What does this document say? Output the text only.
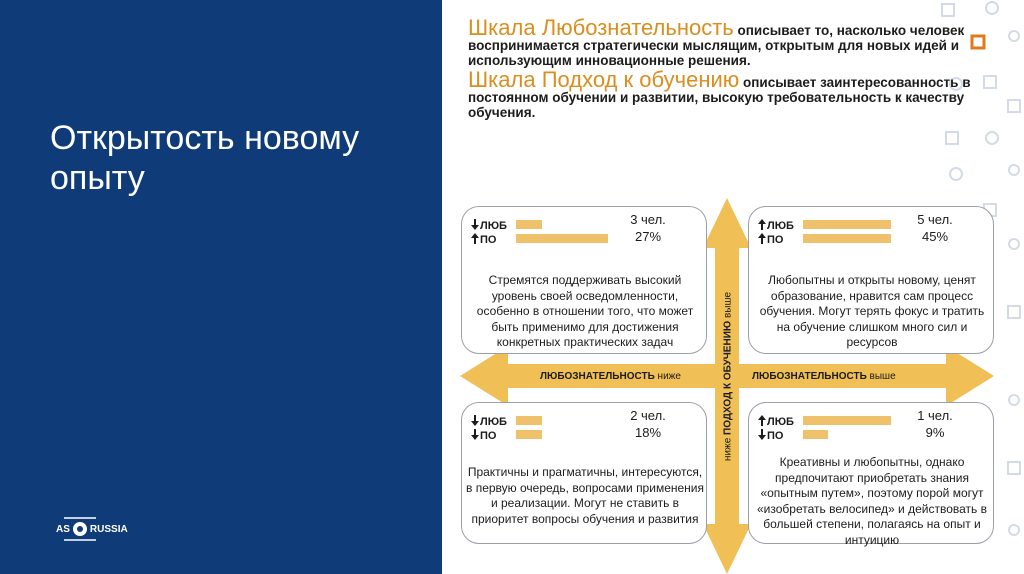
Открытость новому опыту
AS RUSSIA

Шкала Любознательность описывает то, насколько человек воспринимается стратегически мыслящим, открытым для новых идей и использующим инновационные решения.

Шкала Подход к обучению описывает заинтересованность в постоянном обучении и развитии, высокую требовательность к качеству обучения.

ЛЮБОЗНАТЕЛЬНОСТЬ ниже	ЛЮБОЗНАТЕЛЬНОСТЬ выше
ниже ПОДХОД К ОБУЧЕНИЮ выше
ЛЮБ
ПО
3 чел.
27%
Стремятся поддерживать высокий уровень своей осведомленности, особенно в отношении того, что может быть применимо для достижения конкретных практических задач
ЛЮБ
ПО
5 чел.
45%
Любопытны и открыты новому, ценят образование, нравится сам процесс обучения. Могут терять фокус и тратить на обучение слишком много сил и ресурсов
ЛЮБ
ПО
2 чел.
18%
Практичны и прагматичны, интересуются, в первую очередь, вопросами применения и реализации. Могут не ставить в приоритет вопросы обучения и развития
ЛЮБ
ПО
1 чел.
9%
Креативны и любопытны, однако предпочитают приобретать знания «опытным путем», поэтому порой могут «изобретать велосипед» и действовать в большей степени, полагаясь на опыт и интуицию
